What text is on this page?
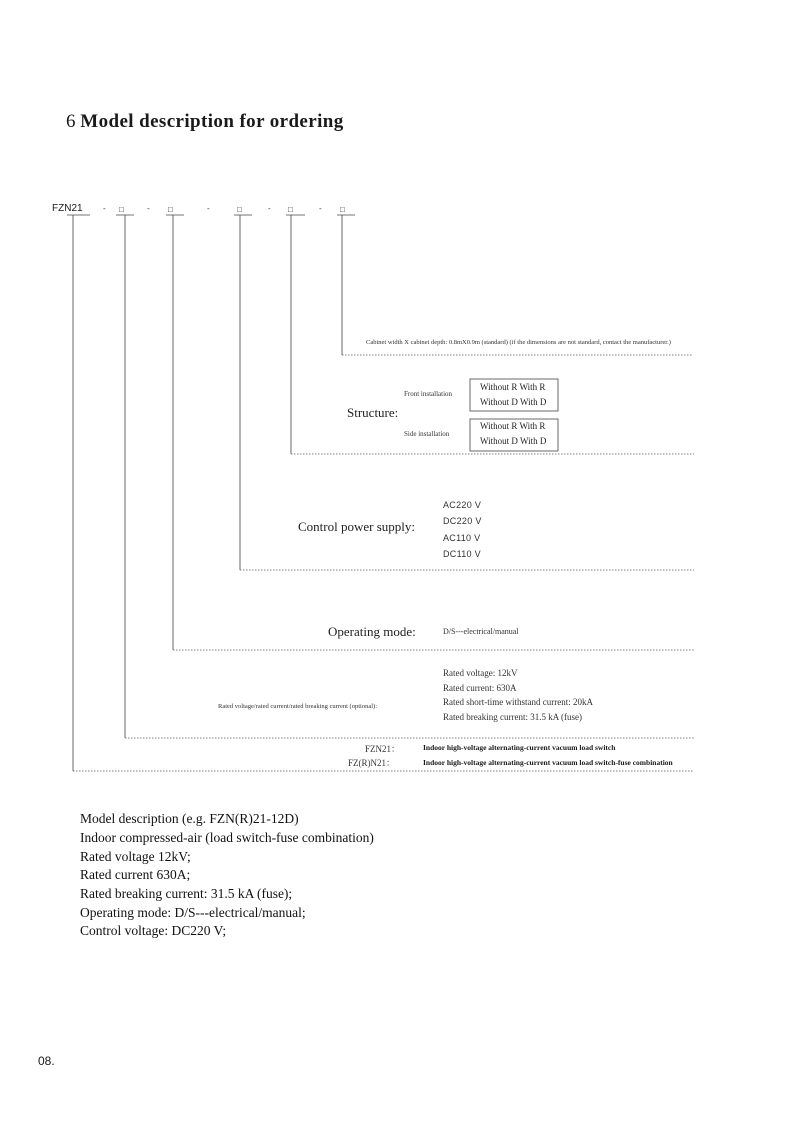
6 Model description for ordering
FZN21	- □	- □	-	□	- □	- □
Cabinet width X cabinet depth: 0.8mX0.9m (standard) (if the dimensions are not standard, contact the manufacturer.)
Structure:
Front installation
Side installation
Without R With R
Without D With D
Without R With R
Without D With D
Control power supply:
AC220 V
DC220 V
AC110 V
DC110 V
Operating mode:	D/S---electrical/manual
Rated voltage/rated current/rated breaking current (optional):
Rated voltage: 12kV
Rated current: 630A
Rated short-time withstand current: 20kA
Rated breaking current: 31.5 kA (fuse)
FZN21：	Indoor high-voltage alternating-current vacuum load switch
FZ(R)N21：	Indoor high-voltage alternating-current vacuum load switch-fuse combination
Model description (e.g. FZN(R)21-12D)
Indoor compressed-air (load switch-fuse combination)
Rated voltage 12kV;
Rated current 630A;
Rated breaking current: 31.5 kA (fuse);
Operating mode: D/S---electrical/manual;
Control voltage: DC220 V;
08.
